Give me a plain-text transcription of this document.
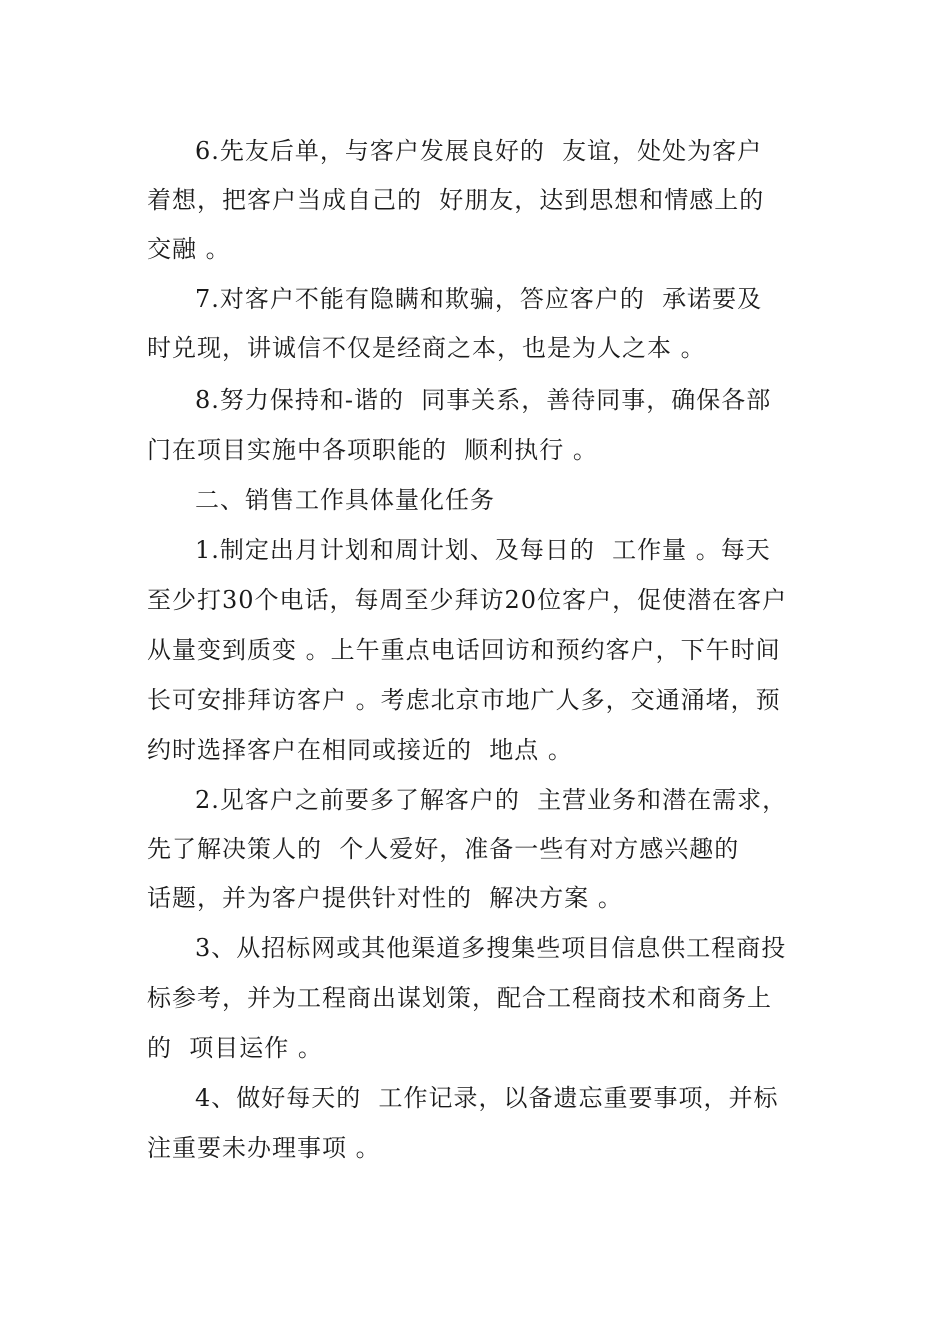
6.先友后单，与客户发展良好的  友谊，处处为客户
着想，把客户当成自己的  好朋友，达到思想和情感上的
交融 。
7.对客户不能有隐瞒和欺骗，答应客户的  承诺要及
时兑现，讲诚信不仅是经商之本，也是为人之本 。
8.努力保持和-谐的  同事关系，善待同事，确保各部
门在项目实施中各项职能的  顺利执行 。
二、销售工作具体量化任务
1.制定出月计划和周计划、及每日的  工作量 。每天
至少打30个电话，每周至少拜访20位客户，促使潜在客户
从量变到质变 。上午重点电话回访和预约客户，下午时间
长可安排拜访客户 。考虑北京市地广人多，交通涌堵，预
约时选择客户在相同或接近的  地点 。
2.见客户之前要多了解客户的  主营业务和潜在需求，
先了解决策人的  个人爱好，准备一些有对方感兴趣的
话题，并为客户提供针对性的  解决方案 。
3、从招标网或其他渠道多搜集些项目信息供工程商投
标参考，并为工程商出谋划策，配合工程商技术和商务上
的  项目运作 。
4、做好每天的  工作记录，以备遗忘重要事项，并标
注重要未办理事项 。
